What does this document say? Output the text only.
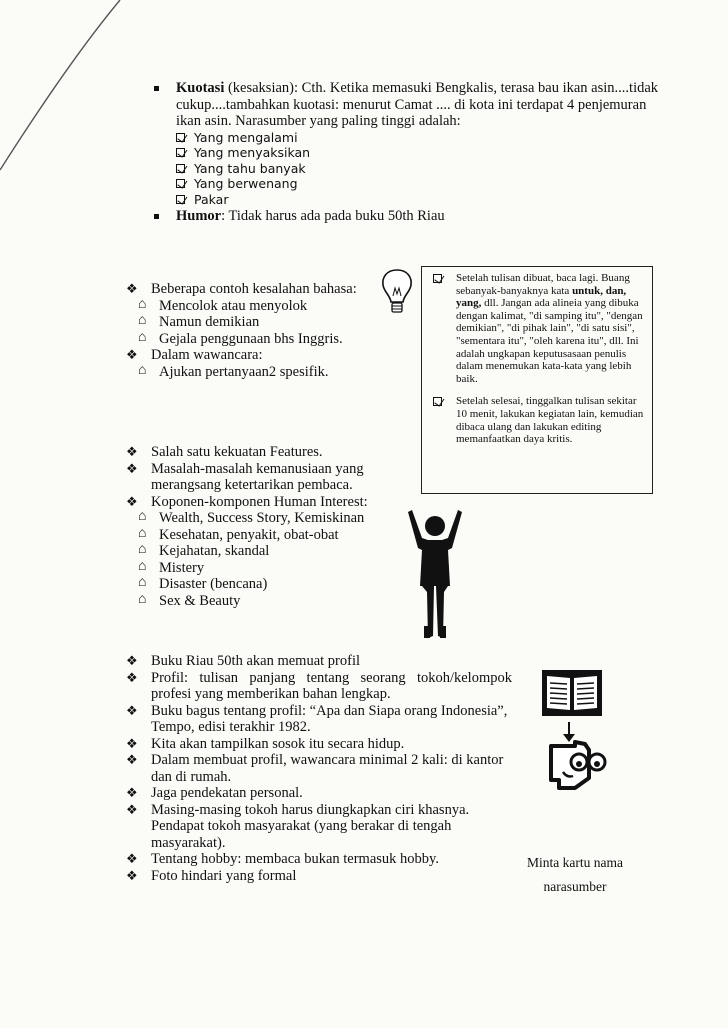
Kuotasi (kesaksian): Cth. Ketika memasuki Bengkalis, terasa bau ikan asin....tidak cukup....tambahkan kuotasi: menurut Camat .... di kota ini terdapat 4 penjemuran ikan asin. Narasumber yang paling tinggi adalah:
Yang mengalami
Yang menyaksikan
Yang tahu banyak
Yang berwenang
Pakar
Humor: Tidak harus ada pada buku 50th Riau
❖ Beberapa contoh kesalahan bahasa:
⌂ Mencolok atau menyolok
⌂ Namun demikian
⌂ Gejala penggunaan bhs Inggris.
❖ Dalam wawancara:
⌂ Ajukan pertanyaan2 spesifik.
Setelah tulisan dibuat, baca lagi. Buang sebanyak-banyaknya kata untuk, dan, yang, dll. Jangan ada alineia yang dibuka dengan kalimat, "di samping itu", "dengan demikian", "di pihak lain", "di satu sisi", "sementara itu", "oleh karena itu", dll. Ini adalah ungkapan keputusasaan penulis dalam menemukan kata-kata yang lebih baik.
Setelah selesai, tinggalkan tulisan sekitar 10 menit, lakukan kegiatan lain, kemudian dibaca ulang dan lakukan editing memanfaatkan daya kritis.
❖ Salah satu kekuatan Features.
❖ Masalah-masalah kemanusiaan yang merangsang ketertarikan pembaca.
❖ Koponen-komponen Human Interest:
⌂ Wealth, Success Story, Kemiskinan
⌂ Kesehatan, penyakit, obat-obat
⌂ Kejahatan, skandal
⌂ Mistery
⌂ Disaster (bencana)
⌂ Sex & Beauty
❖ Buku Riau 50th akan memuat profil
❖ Profil: tulisan panjang tentang seorang tokoh/kelompok profesi yang memberikan bahan lengkap.
❖ Buku bagus tentang profil: “Apa dan Siapa orang Indonesia”, Tempo, edisi terakhir 1982.
❖ Kita akan tampilkan sosok itu secara hidup.
❖ Dalam membuat profil, wawancara minimal 2 kali: di kantor dan di rumah.
❖ Jaga pendekatan personal.
❖ Masing-masing tokoh harus diungkapkan ciri khasnya. Pendapat tokoh masyarakat (yang berakar di tengah masyarakat).
❖ Tentang hobby: membaca bukan termasuk hobby.
❖ Foto hindari yang formal
Minta kartu nama
narasumber
